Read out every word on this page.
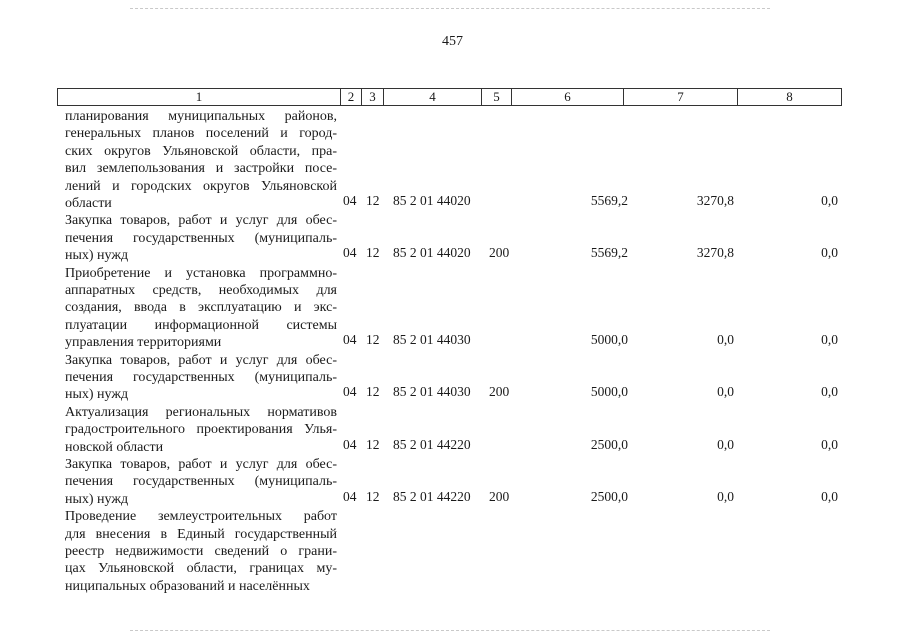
457
1	2	3	4	5	6	7	8
планирования муниципальных районов,
генеральных планов поселений и город-
ских округов Ульяновской области, пра-
вил землепользования и застройки посе-
лений и городских округов Ульяновской
области	04 12 85 2 01 44020	5569,2	3270,8	0,0
Закупка товаров, работ и услуг для обес-
печения государственных (муниципаль-
ных) нужд	04 12 85 2 01 44020 200	5569,2	3270,8	0,0
Приобретение и установка программно-
аппаратных средств, необходимых для
создания, ввода в эксплуатацию и экс-
плуатации информационной системы
управления территориями	04 12 85 2 01 44030	5000,0	0,0	0,0
Закупка товаров, работ и услуг для обес-
печения государственных (муниципаль-
ных) нужд	04 12 85 2 01 44030 200	5000,0	0,0	0,0
Актуализация региональных нормативов
градостроительного проектирования Улья-
новской области	04 12 85 2 01 44220	2500,0	0,0	0,0
Закупка товаров, работ и услуг для обес-
печения государственных (муниципаль-
ных) нужд	04 12 85 2 01 44220 200	2500,0	0,0	0,0
Проведение землеустроительных работ
для внесения в Единый государственный
реестр недвижимости сведений о грани-
цах Ульяновской области, границах му-
ниципальных образований и населённых
